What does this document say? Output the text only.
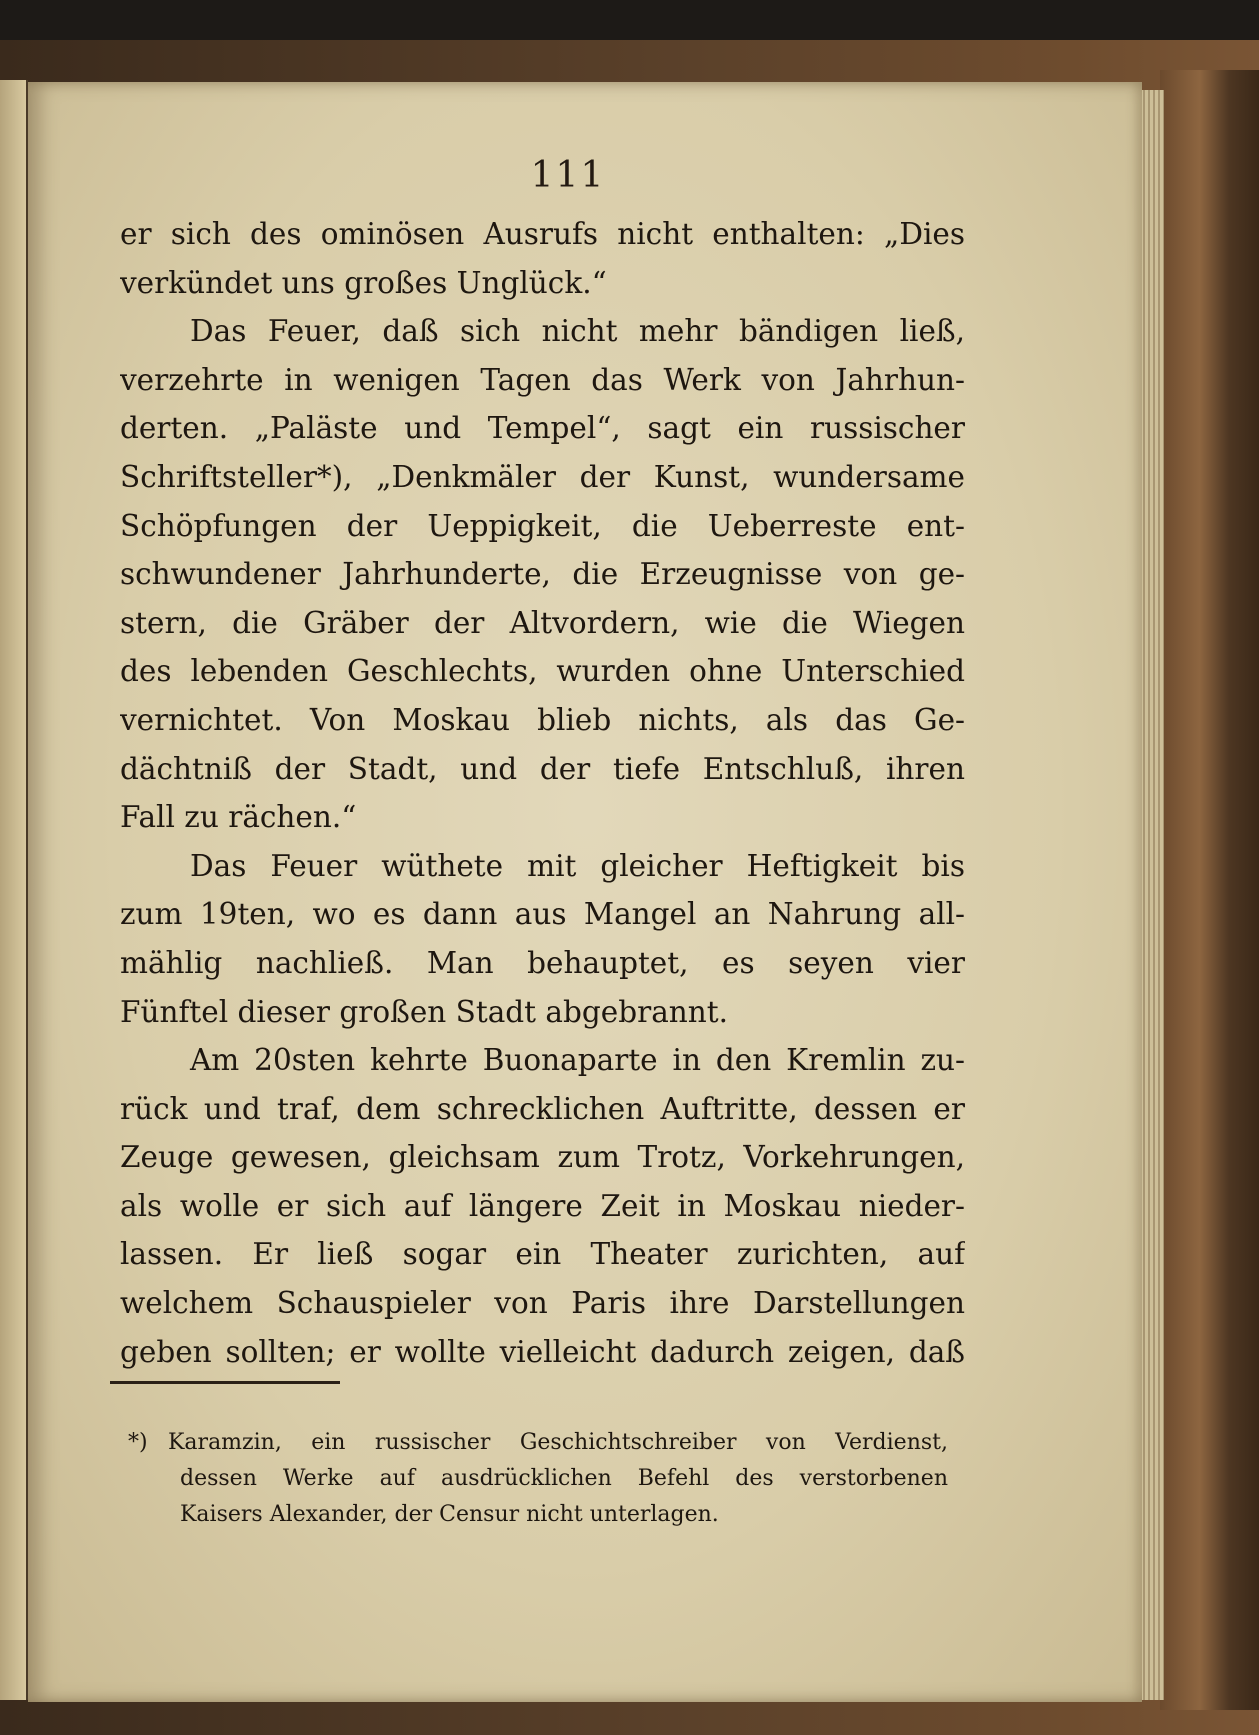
111
er sich des ominösen Ausrufs nicht enthalten: „Dies
verkündet uns großes Unglück.“
Das Feuer, daß sich nicht mehr bändigen ließ,
verzehrte in wenigen Tagen das Werk von Jahrhun-
derten. „Paläste und Tempel“, sagt ein russischer
Schriftsteller*), „Denkmäler der Kunst, wundersame
Schöpfungen der Ueppigkeit, die Ueberreste ent-
schwundener Jahrhunderte, die Erzeugnisse von ge-
stern, die Gräber der Altvordern, wie die Wiegen
des lebenden Geschlechts, wurden ohne Unterschied
vernichtet. Von Moskau blieb nichts, als das Ge-
dächtniß der Stadt, und der tiefe Entschluß, ihren
Fall zu rächen.“
Das Feuer wüthete mit gleicher Heftigkeit bis
zum 19ten, wo es dann aus Mangel an Nahrung all-
mählig nachließ. Man behauptet, es seyen vier
Fünftel dieser großen Stadt abgebrannt.
Am 20sten kehrte Buonaparte in den Kremlin zu-
rück und traf, dem schrecklichen Auftritte, dessen er
Zeuge gewesen, gleichsam zum Trotz, Vorkehrungen,
als wolle er sich auf längere Zeit in Moskau nieder-
lassen. Er ließ sogar ein Theater zurichten, auf
welchem Schauspieler von Paris ihre Darstellungen
geben sollten; er wollte vielleicht dadurch zeigen, daß
*) Karamzin, ein russischer Geschichtschreiber von Verdienst,
dessen Werke auf ausdrücklichen Befehl des verstorbenen
Kaisers Alexander, der Censur nicht unterlagen.
